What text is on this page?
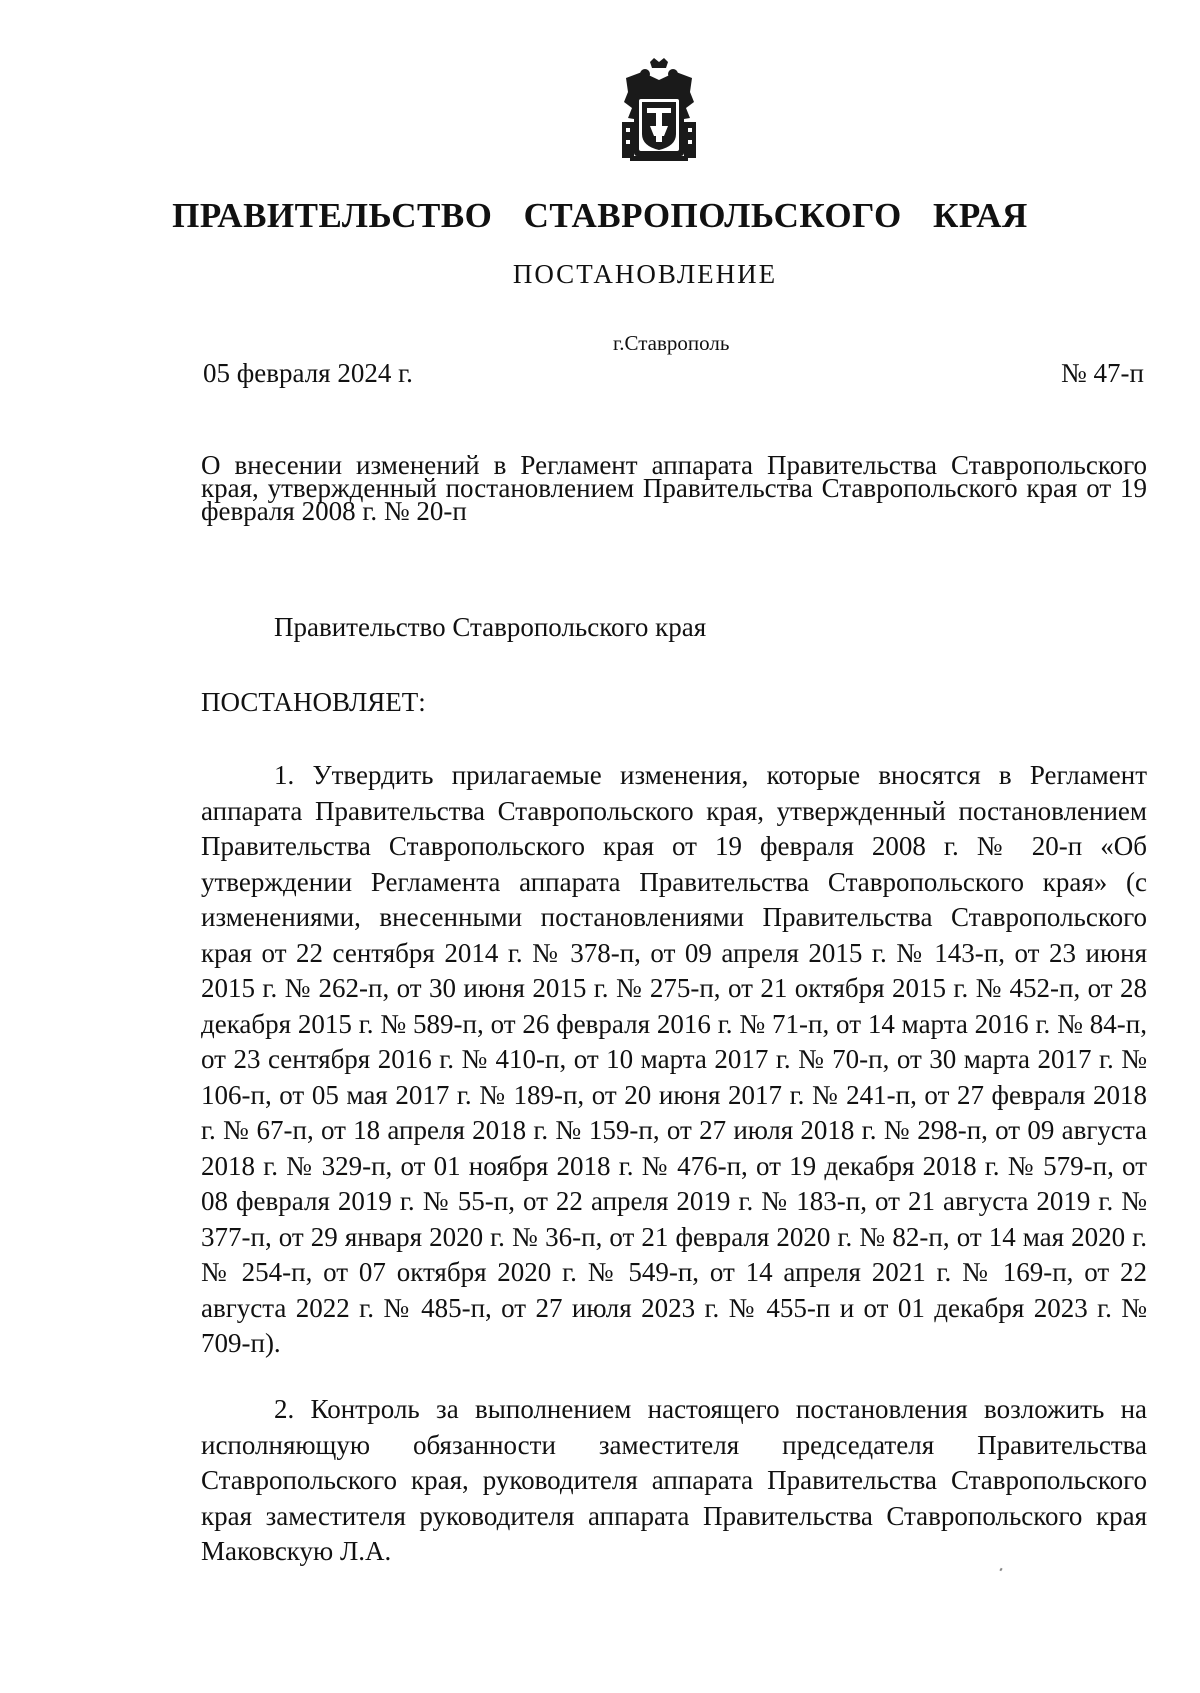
ПРАВИТЕЛЬСТВО СТАВРОПОЛЬСКОГО КРАЯ
ПОСТАНОВЛЕНИЕ
г.Ставрополь
05 февраля 2024 г.	№ 47-п
О внесении изменений в Регламент аппарата Правительства Ставропольского края, утвержденный постановлением Правительства Ставропольского края от 19 февраля 2008 г. № 20-п
Правительство Ставропольского края
ПОСТАНОВЛЯЕТ:
1. Утвердить прилагаемые изменения, которые вносятся в Регламент аппарата Правительства Ставропольского края, утвержденный постановлением Правительства Ставропольского края от 19 февраля 2008 г. № 20-п «Об утверждении Регламента аппарата Правительства Ставропольского края» (с изменениями, внесенными постановлениями Правительства Ставропольского края от 22 сентября 2014 г. № 378-п, от 09 апреля 2015 г. № 143-п, от 23 июня 2015 г. № 262-п, от 30 июня 2015 г. № 275-п, от 21 октября 2015 г. № 452-п, от 28 декабря 2015 г. № 589-п, от 26 февраля 2016 г. № 71-п, от 14 марта 2016 г. № 84-п, от 23 сентября 2016 г. № 410-п, от 10 марта 2017 г. № 70-п, от 30 марта 2017 г. № 106-п, от 05 мая 2017 г. № 189-п, от 20 июня 2017 г. № 241-п, от 27 февраля 2018 г. № 67-п, от 18 апреля 2018 г. № 159-п, от 27 июля 2018 г. № 298-п, от 09 августа 2018 г. № 329-п, от 01 ноября 2018 г. № 476-п, от 19 декабря 2018 г. № 579-п, от 08 февраля 2019 г. № 55-п, от 22 апреля 2019 г. № 183-п, от 21 августа 2019 г. № 377-п, от 29 января 2020 г. № 36-п, от 21 февраля 2020 г. № 82-п, от 14 мая 2020 г. № 254-п, от 07 октября 2020 г. № 549-п, от 14 апреля 2021 г. № 169-п, от 22 августа 2022 г. № 485-п, от 27 июля 2023 г. № 455-п и от 01 декабря 2023 г. № 709-п).
2. Контроль за выполнением настоящего постановления возложить на исполняющую обязанности заместителя председателя Правительства Ставропольского края, руководителя аппарата Правительства Ставропольского края заместителя руководителя аппарата Правительства Ставропольского края Маковскую Л.А.
